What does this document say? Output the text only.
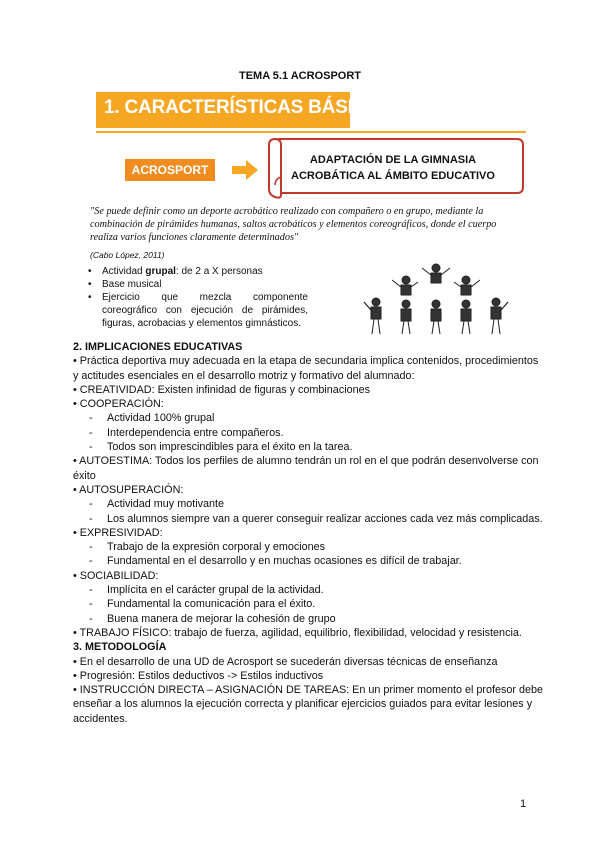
TEMA 5.1 ACROSPORT
1. CARACTERÍSTICAS BÁSICAS
ACROSPORT
ADAPTACIÓN DE LA GIMNASIA
ACROBÁTICA AL ÁMBITO EDUCATIVO
"Se puede definir como un deporte acrobático realizado con compañero o en grupo, mediante la combinación de pirámides humanas, saltos acrobáticos y elementos coreográficos, donde el cuerpo realiza varios funciones claramente determinados"
(Cabo López, 2011)
• Actividad grupal: de 2 a X personas
• Base musical
• Ejercicio que mezcla componente coreográfico con ejecución de pirámides, figuras, acrobacias y elementos gimnásticos.

2. IMPLICACIONES EDUCATIVAS

• Práctica deportiva muy adecuada en la etapa de secundaria implica contenidos, procedimientos y actitudes esenciales en el desarrollo motriz y formativo del alumnado:

• CREATIVIDAD: Existen infinidad de figuras y combinaciones

• COOPERACIÓN:

- Actividad 100% grupal

- Interdependencia entre compañeros.

- Todos son imprescindibles para el éxito en la tarea.

• AUTOESTIMA: Todos los perfiles de alumno tendrán un rol en el que podrán desenvolverse con éxito

• AUTOSUPERACIÓN:

- Actividad muy motivante

- Los alumnos siempre van a querer conseguir realizar acciones cada vez más complicadas.

• EXPRESIVIDAD:

- Trabajo de la expresión corporal y emociones

- Fundamental en el desarrollo y en muchas ocasiones es difícil de trabajar.

• SOCIABILIDAD:

- Implícita en el carácter grupal de la actividad.

- Fundamental la comunicación para el éxito.

- Buena manera de mejorar la cohesión de grupo

• TRABAJO FÍSICO: trabajo de fuerza, agilidad, equilibrio, flexibilidad, velocidad y resistencia.

3. METODOLOGÍA

• En el desarrollo de una UD de Acrosport se sucederán diversas técnicas de enseñanza

• Progresión: Estilos deductivos -> Estilos inductivos

• INSTRUCCIÓN DIRECTA – ASIGNACIÓN DE TAREAS: En un primer momento el profesor debe enseñar a los alumnos la ejecución correcta y planificar ejercicios guiados para evitar lesiones y accidentes.

1
